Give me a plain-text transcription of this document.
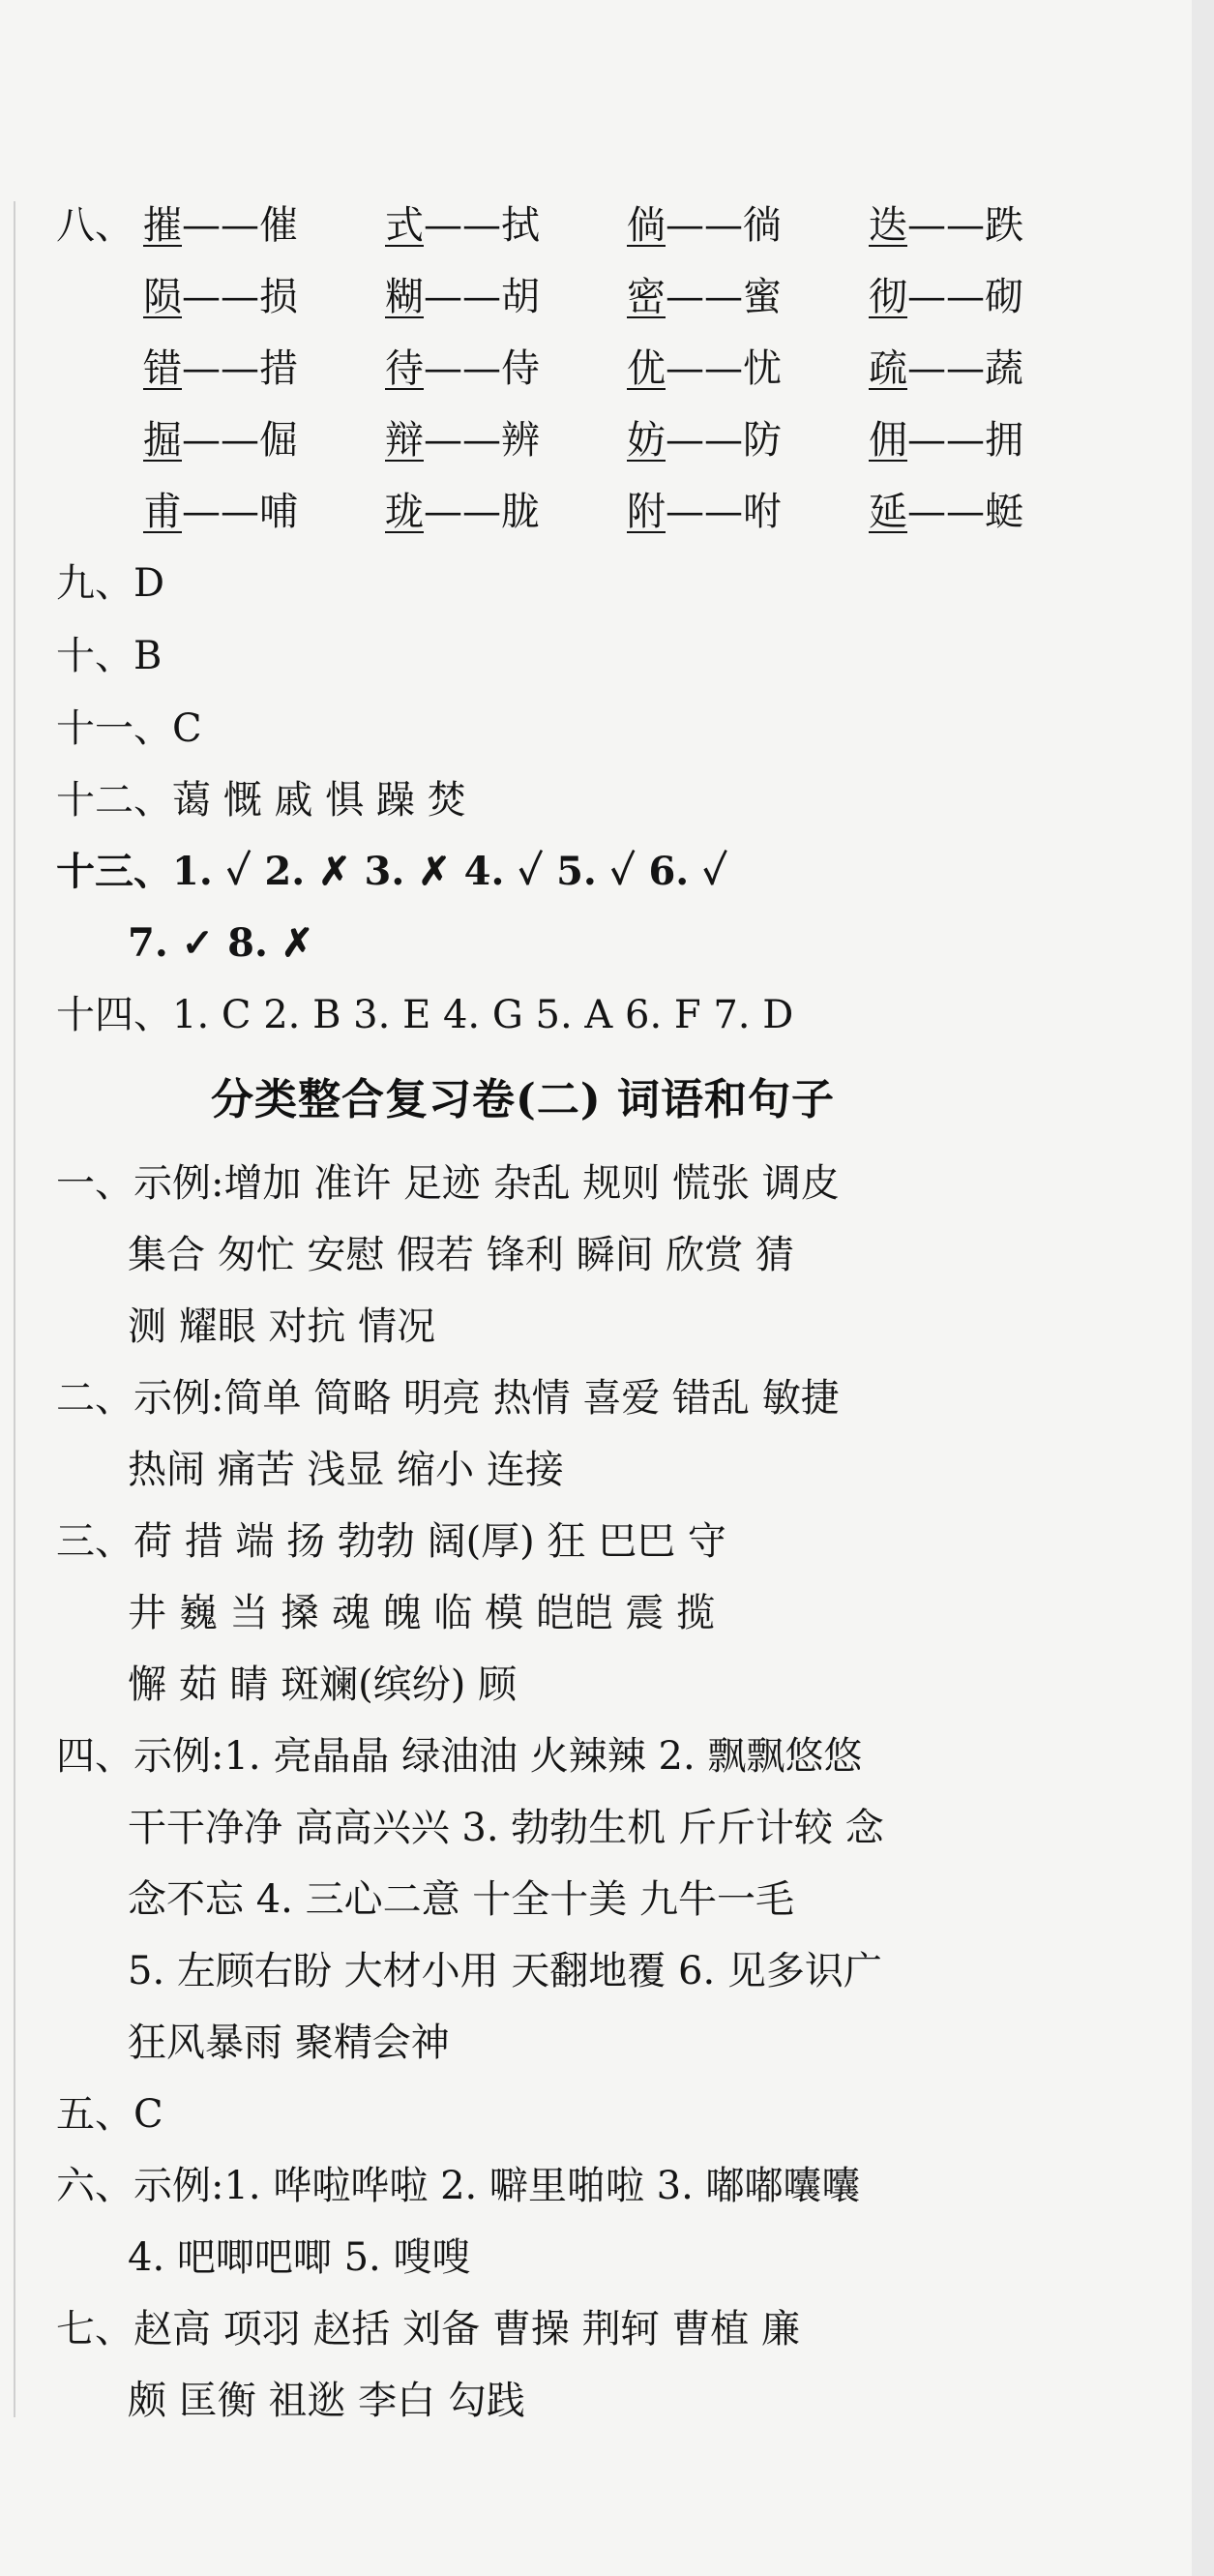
八、 摧——催 式——拭 倘——徜 迭——跌
陨——损 糊——胡 密——蜜 彻——砌
错——措 待——侍 优——忧 疏——蔬
掘——倔 辩——辨 妨——防 佣——拥
甫——哺 珑——胧 附——咐 延——蜓
九、D
十、B
十一、C
十二、蔼 慨 戚 惧 躁 焚
十三、1. ✓ 2. ✗ 3. ✗ 4. ✓ 5. ✓ 6. ✓
7. ✓ 8. ✗
十四、1. C 2. B 3. E 4. G 5. A 6. F 7. D
分类整合复习卷(二) 词语和句子
一、示例:增加 准许 足迹 杂乱 规则 慌张 调皮
集合 匆忙 安慰 假若 锋利 瞬间 欣赏 猜
测 耀眼 对抗 情况
二、示例:简单 简略 明亮 热情 喜爱 错乱 敏捷
热闹 痛苦 浅显 缩小 连接
三、荷 措 端 扬 勃勃 阔(厚) 狂 巴巴 守
井 巍 当 搡 魂 魄 临 模 皑皑 震 揽
懈 茹 睛 斑斓(缤纷) 顾
四、示例:1. 亮晶晶 绿油油 火辣辣 2. 飘飘悠悠
干干净净 高高兴兴 3. 勃勃生机 斤斤计较 念
念不忘 4. 三心二意 十全十美 九牛一毛
5. 左顾右盼 大材小用 天翻地覆 6. 见多识广
狂风暴雨 聚精会神
五、C
六、示例:1. 哗啦哗啦 2. 噼里啪啦 3. 嘟嘟囔囔
4. 吧唧吧唧 5. 嗖嗖
七、赵高 项羽 赵括 刘备 曹操 荆轲 曹植 廉
颇 匡衡 祖逖 李白 勾践
